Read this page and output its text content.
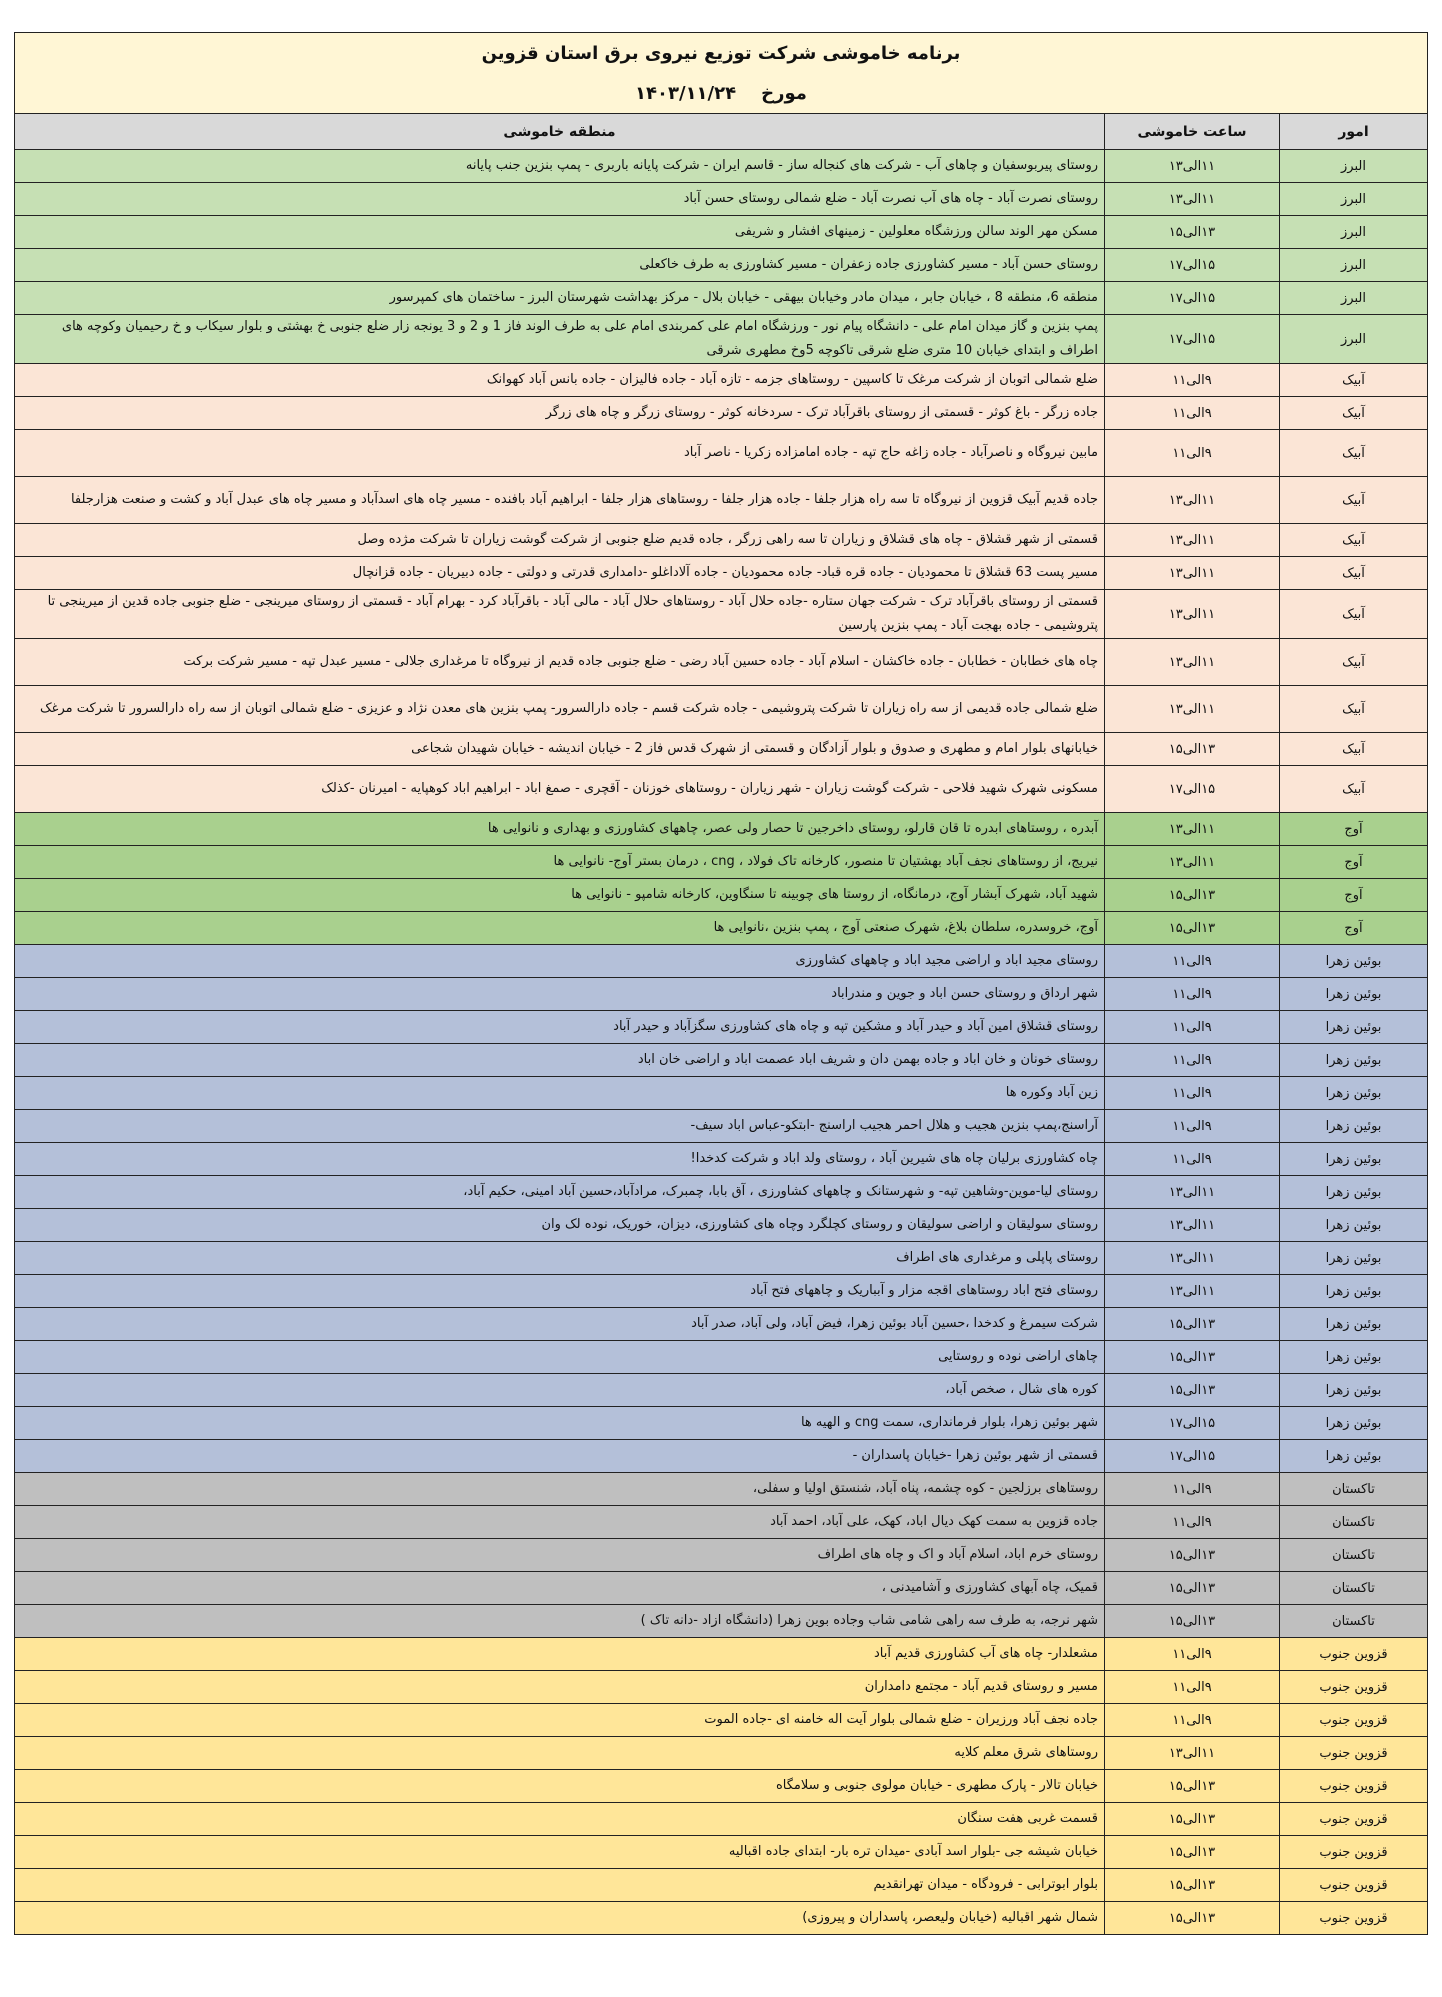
برنامه خاموشی شرکت توزیع نیروی برق استان قزوین		
مورخ    ۱۴۰۳/۱۱/۲۴		
امور	ساعت خاموشی	منطقه خاموشی
البرز	۱۱الی۱۳	روستای پیربوسفیان و چاهای آب - شرکت های کنجاله ساز - قاسم ایران - شرکت پایانه باربری - پمپ بنزین جنب پایانه
البرز	۱۱الی۱۳	روستای نصرت آباد - چاه های آب نصرت آباد - ضلع شمالی روستای حسن آباد
البرز	۱۳الی۱۵	مسکن مهر الوند سالن ورزشگاه معلولین - زمینهای افشار و شریفی
البرز	۱۵الی۱۷	روستای حسن آباد - مسیر کشاورزی جاده زعفران - مسیر کشاورزی به طرف خاکعلی
البرز	۱۵الی۱۷	منطقه 6، منطقه 8 ، خیابان جابر ، میدان مادر وخیابان بیهقی - خیابان بلال - مرکز بهداشت شهرستان البرز - ساختمان های کمپرسور
البرز	۱۵الی۱۷	پمپ بنزین و گاز میدان امام علی - دانشگاه پیام نور - ورزشگاه امام علی کمربندی امام علی به طرف الوند فاز 1 و 2 و 3 یونجه زار ضلع جنوبی خ بهشتی و بلوار سیکاب و خ رحیمیان وکوچه های اطراف و ابتدای خیابان 10 متری ضلع شرقی تاکوچه 5وخ مطهری شرقی
آبیک	۹الی۱۱	ضلع شمالی اتوبان از شرکت مرغک تا کاسپین - روستاهای جزمه - تازه آباد - جاده فالیزان - جاده بانس آباد کهوانک
آبیک	۹الی۱۱	جاده زرگر - باغ کوثر - قسمتی از روستای باقرآباد ترک - سردخانه کوثر - روستای زرگر و چاه های زرگر
آبیک	۹الی۱۱	مابین نیروگاه و ناصرآباد - جاده زاغه حاج تپه - جاده امامزاده زکریا - ناصر آباد
آبیک	۱۱الی۱۳	جاده قدیم آبیک قزوین از نیروگاه تا سه راه هزار جلفا - جاده هزار جلفا - روستاهای هزار جلفا - ابراهیم آباد بافنده - مسیر چاه های اسدآباد و مسیر چاه های عبدل آباد و کشت و صنعت هزارجلفا
آبیک	۱۱الی۱۳	قسمتی از شهر قشلاق - چاه های قشلاق و زیاران تا سه راهی زرگر ، جاده قدیم ضلع جنوبی از شرکت گوشت زیاران تا شرکت مژده وصل
آبیک	۱۱الی۱۳	مسیر پست 63 قشلاق تا محمودیان - جاده قره قباد- جاده محمودیان - جاده آلاداغلو -دامداری قدرتی و دولتی - جاده دبیریان - جاده قزانچال
آبیک	۱۱الی۱۳	قسمتی از روستای باقرآباد ترک - شرکت جهان ستاره -جاده حلال آباد - روستاهای حلال آباد - مالی آباد - باقرآباد کرد - بهرام آباد - قسمتی از روستای میرینجی - ضلع جنوبی جاده قدین از میرینجی تا پتروشیمی - جاده بهجت آباد - پمپ بنزین پارسین
آبیک	۱۱الی۱۳	چاه های خطابان - خطابان - جاده خاکشان - اسلام آباد - جاده حسین آباد رضی - ضلع جنوبی جاده قدیم از نیروگاه تا مرغداری جلالی - مسیر عبدل تپه - مسیر شرکت برکت
آبیک	۱۱الی۱۳	ضلع شمالی جاده قدیمی از سه راه زیاران تا شرکت پتروشیمی - جاده شرکت قسم - جاده دارالسرور- پمپ بنزین های معدن نژاد و عزیزی - ضلع شمالی اتوبان از سه راه دارالسرور تا شرکت مرغک
آبیک	۱۳الی۱۵	خیابانهای بلوار امام و مطهری و صدوق و بلوار آزادگان و قسمتی از شهرک قدس فاز 2 - خیابان اندیشه - خیابان شهیدان شجاعی
آبیک	۱۵الی۱۷	مسکونی شهرک شهید فلاحی - شرکت گوشت زیاران - شهر زیاران - روستاهای خوزنان - آقچری - صمغ اباد - ابراهیم اباد کوهپایه - امیرنان -کذلک
آوج	۱۱الی۱۳	آبدره ، روستاهای ابدره تا قان قارلو، روستای داخرجین تا حصار ولی عصر، چاههای کشاورزی و بهداری و نانوایی ها
آوج	۱۱الی۱۳	نیریج، از روستاهای نجف آباد بهشتیان تا منصور، کارخانه تاک فولاد ، cng ، درمان بستر آوج- نانوایی ها
آوج	۱۳الی۱۵	شهید آباد، شهرک آبشار آوج، درمانگاه، از روستا های چوبینه تا سنگاوین، کارخانه شامپو - نانوایی ها
آوج	۱۳الی۱۵	آوج، خروسدره، سلطان بلاغ، شهرک صنعتی آوج ، پمپ بنزین ،نانوایی ها
بوئین زهرا	۹الی۱۱	روستای مجید اباد و اراضی مجید اباد و چاههای کشاورزی
بوئین زهرا	۹الی۱۱	شهر ارداق و روستای حسن اباد و جوین و مندراباد
بوئین زهرا	۹الی۱۱	روستای قشلاق امین آباد و حیدر آباد و مشکین تپه و چاه های کشاورزی سگزآباد و حیدر آباد
بوئین زهرا	۹الی۱۱	روستای خونان و خان اباد و جاده بهمن دان و شریف اباد عصمت اباد و اراضی خان اباد
بوئین زهرا	۹الی۱۱	زین آباد وکوره ها
بوئین زهرا	۹الی۱۱	آراسنج،پمپ بنزین هجیب و هلال احمر هجیب اراسنج -ابتکو-عباس اباد سیف-
بوئین زهرا	۹الی۱۱	چاه کشاورزی برلیان چاه های شیرین آباد ، روستای ولد اباد و شرکت کدخدا!
بوئین زهرا	۱۱الی۱۳	روستای لیا-موین-وشاهین تپه- و شهرستانک و چاههای کشاورزی ، آق بابا، چمبرک، مرادآباد،حسین آباد امینی، حکیم آباد،
بوئین زهرا	۱۱الی۱۳	روستای سولیقان و اراضی سولیقان و روستای کچلگرد وچاه های کشاورزی، دیزان، خوریک، نوده لک وان
بوئین زهرا	۱۱الی۱۳	روستای پاپلی و مرغداری های اطراف
بوئین زهرا	۱۱الی۱۳	روستای فتح اباد روستاهای اقجه مزار و آبباریک و چاههای فتح آباد
بوئین زهرا	۱۳الی۱۵	شرکت سیمرغ و کدخدا ،حسین آباد بوئین زهرا، فیض آباد، ولی آباد، صدر آباد
بوئین زهرا	۱۳الی۱۵	چاهای اراضی نوده و روستایی
بوئین زهرا	۱۳الی۱۵	کوره های شال ، صخص آباد،
بوئین زهرا	۱۵الی۱۷	شهر بوئین زهرا، بلوار فرمانداری، سمت cng و الهیه ها
بوئین زهرا	۱۵الی۱۷	قسمتی از شهر بوئین زهرا -خیابان پاسداران -
تاکستان	۹الی۱۱	روستاهای برزلجین - کوه چشمه، پناه آباد، شنستق اولیا و سفلی،
تاکستان	۹الی۱۱	جاده قزوین به سمت کهک دیال اباد، کهک، علی آباد، احمد آباد
تاکستان	۱۳الی۱۵	روستای خرم اباد، اسلام آباد و اک و چاه های اطراف
تاکستان	۱۳الی۱۵	قمیک، چاه آبهای کشاورزی و آشامیدنی ،
تاکستان	۱۳الی۱۵	شهر نرجه، به طرف سه راهی شامی شاب وجاده بوین زهرا (دانشگاه ازاد -دانه تاک )
قزوین جنوب	۹الی۱۱	مشعلدار- چاه های آب کشاورزی قدیم آباد
قزوین جنوب	۹الی۱۱	مسیر و روستای قدیم آباد - مجتمع دامداران
قزوین جنوب	۹الی۱۱	جاده نجف آباد ورزیران - ضلع شمالی بلوار آیت اله خامنه ای -جاده الموت
قزوین جنوب	۱۱الی۱۳	روستاهای شرق معلم کلایه
قزوین جنوب	۱۳الی۱۵	خیابان تالار - پارک مطهری - خیابان مولوی جنوبی و سلامگاه
قزوین جنوب	۱۳الی۱۵	قسمت غربی هفت سنگان
قزوین جنوب	۱۳الی۱۵	خیابان شیشه جی -بلوار اسد آبادی -میدان تره بار- ابتدای جاده اقبالیه
قزوین جنوب	۱۳الی۱۵	بلوار ابوترابی - فرودگاه - میدان تهرانقدیم
قزوین جنوب	۱۳الی۱۵	شمال شهر اقبالیه (خیابان ولیعصر، پاسداران و پیروزی)
